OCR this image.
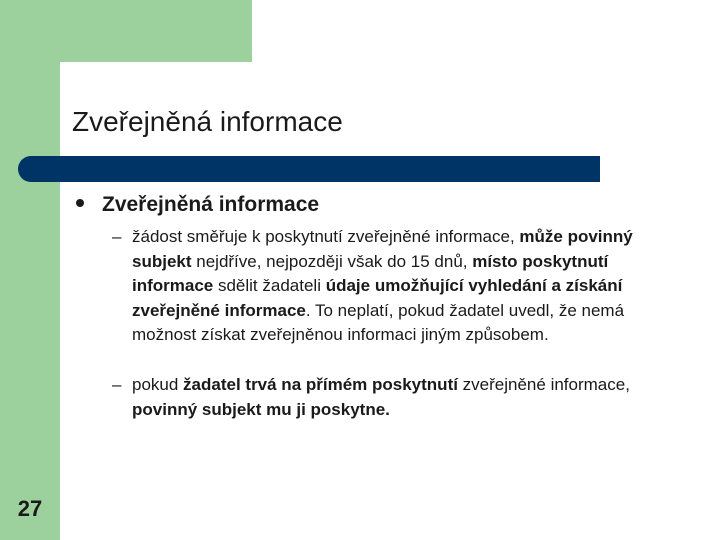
27
Zveřejněná informace
Zveřejněná informace
– žádost směřuje k poskytnutí zveřejněné informace, může povinný subjekt nejdříve, nejpozději však do 15 dnů, místo poskytnutí informace sdělit žadateli údaje umožňující vyhledání a získání zveřejněné informace. To neplatí, pokud žadatel uvedl, že nemá možnost získat zveřejněnou informaci jiným způsobem.
– pokud žadatel trvá na přímém poskytnutí zveřejněné informace, povinný subjekt mu ji poskytne.
